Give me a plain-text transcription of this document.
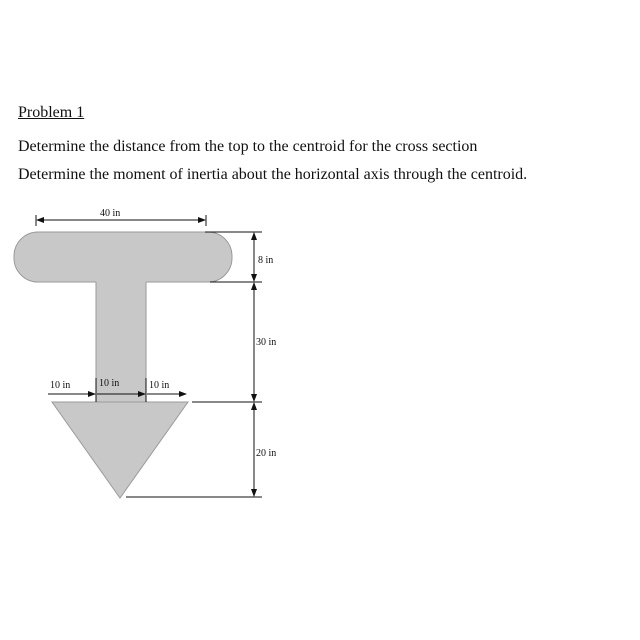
Problem 1
Determine the distance from the top to the centroid for the cross section
Determine the moment of inertia about the horizontal axis through the centroid.
40 in
8 in
30 in
20 in
10 in	10 in	10 in
